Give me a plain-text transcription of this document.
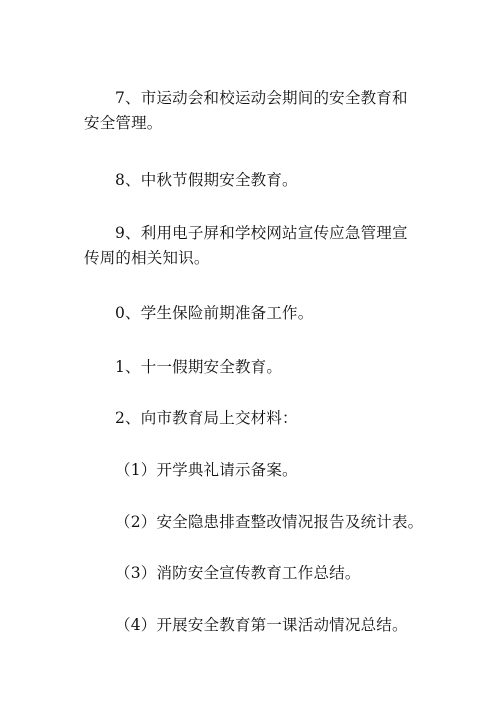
7、市运动会和校运动会期间的安全教育和安全管理。
8、中秋节假期安全教育。
9、利用电子屏和学校网站宣传应急管理宣传周的相关知识。
0、学生保险前期准备工作。
1、十一假期安全教育。
2、向市教育局上交材料：
（1）开学典礼请示备案。
（2）安全隐患排查整改情况报告及统计表。
（3）消防安全宣传教育工作总结。
（4）开展安全教育第一课活动情况总结。
